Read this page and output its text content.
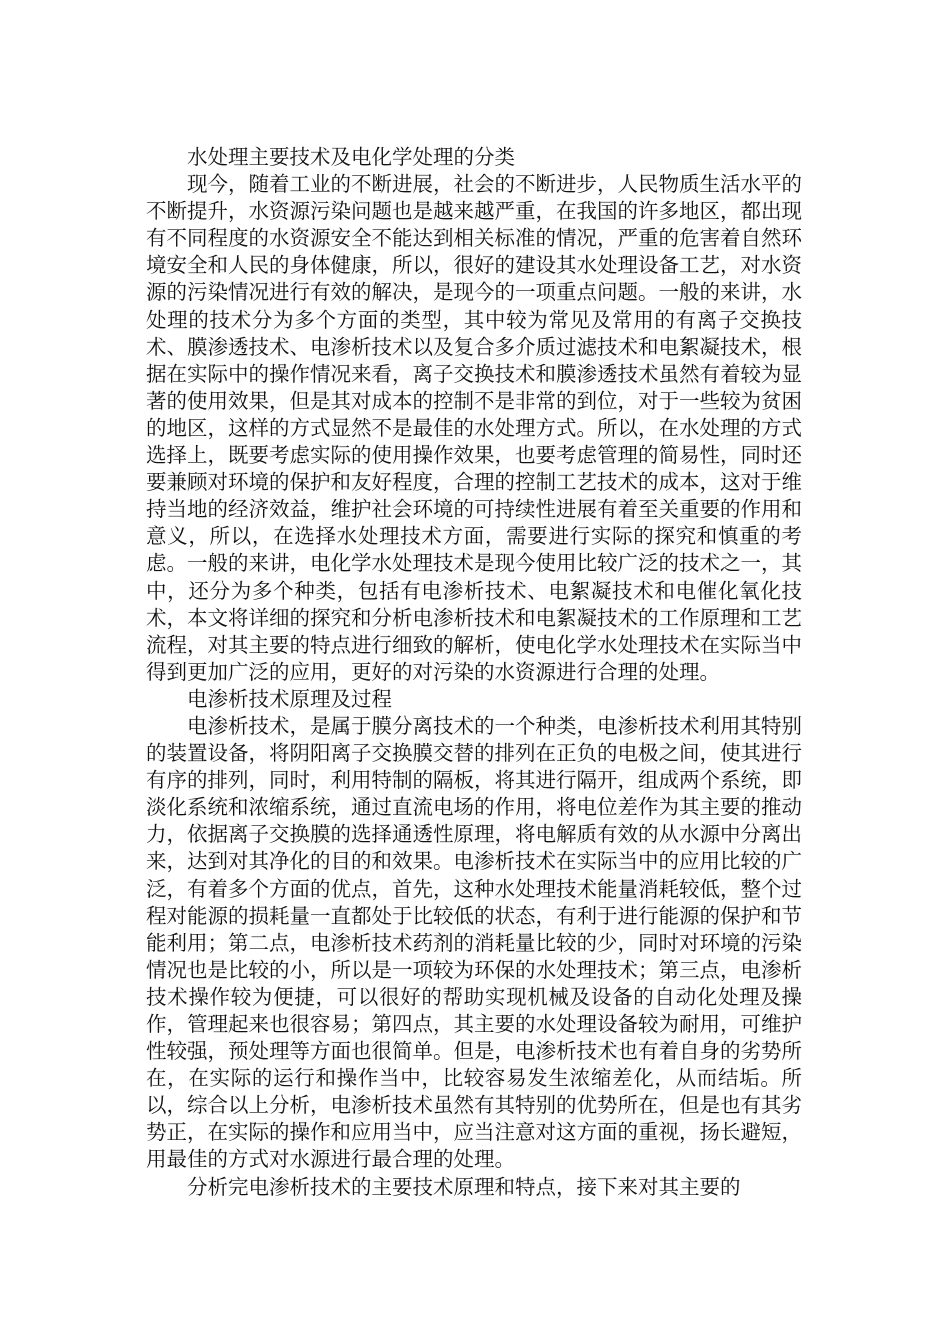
水处理主要技术及电化学处理的分类

现今，随着工业的不断进展，社会的不断进步，人民物质生活水平的不断提升，水资源污染问题也是越来越严重，在我国的许多地区，都出现有不同程度的水资源安全不能达到相关标准的情况，严重的危害着自然环境安全和人民的身体健康，所以，很好的建设其水处理设备工艺，对水资源的污染情况进行有效的解决，是现今的一项重点问题。一般的来讲，水处理的技术分为多个方面的类型，其中较为常见及常用的有离子交换技术、膜渗透技术、电渗析技术以及复合多介质过滤技术和电絮凝技术，根据在实际中的操作情况来看，离子交换技术和膜渗透技术虽然有着较为显著的使用效果，但是其对成本的控制不是非常的到位，对于一些较为贫困的地区，这样的方式显然不是最佳的水处理方式。所以，在水处理的方式选择上，既要考虑实际的使用操作效果，也要考虑管理的简易性，同时还要兼顾对环境的保护和友好程度，合理的控制工艺技术的成本，这对于维持当地的经济效益，维护社会环境的可持续性进展有着至关重要的作用和意义，所以，在选择水处理技术方面，需要进行实际的探究和慎重的考虑。一般的来讲，电化学水处理技术是现今使用比较广泛的技术之一，其中，还分为多个种类，包括有电渗析技术、电絮凝技术和电催化氧化技术，本文将详细的探究和分析电渗析技术和电絮凝技术的工作原理和工艺流程，对其主要的特点进行细致的解析，使电化学水处理技术在实际当中得到更加广泛的应用，更好的对污染的水资源进行合理的处理。

电渗析技术原理及过程

电渗析技术，是属于膜分离技术的一个种类，电渗析技术利用其特别的装置设备，将阴阳离子交换膜交替的排列在正负的电极之间，使其进行有序的排列，同时，利用特制的隔板，将其进行隔开，组成两个系统，即淡化系统和浓缩系统，通过直流电场的作用，将电位差作为其主要的推动力，依据离子交换膜的选择通透性原理，将电解质有效的从水源中分离出来，达到对其净化的目的和效果。电渗析技术在实际当中的应用比较的广泛，有着多个方面的优点，首先，这种水处理技术能量消耗较低，整个过程对能源的损耗量一直都处于比较低的状态，有利于进行能源的保护和节能利用；第二点，电渗析技术药剂的消耗量比较的少，同时对环境的污染情况也是比较的小，所以是一项较为环保的水处理技术；第三点，电渗析技术操作较为便捷，可以很好的帮助实现机械及设备的自动化处理及操作，管理起来也很容易；第四点，其主要的水处理设备较为耐用，可维护性较强，预处理等方面也很简单。但是，电渗析技术也有着自身的劣势所在，在实际的运行和操作当中，比较容易发生浓缩差化，从而结垢。所以，综合以上分析，电渗析技术虽然有其特别的优势所在，但是也有其劣势正，在实际的操作和应用当中，应当注意对这方面的重视，扬长避短，用最佳的方式对水源进行最合理的处理。

分析完电渗析技术的主要技术原理和特点，接下来对其主要的
